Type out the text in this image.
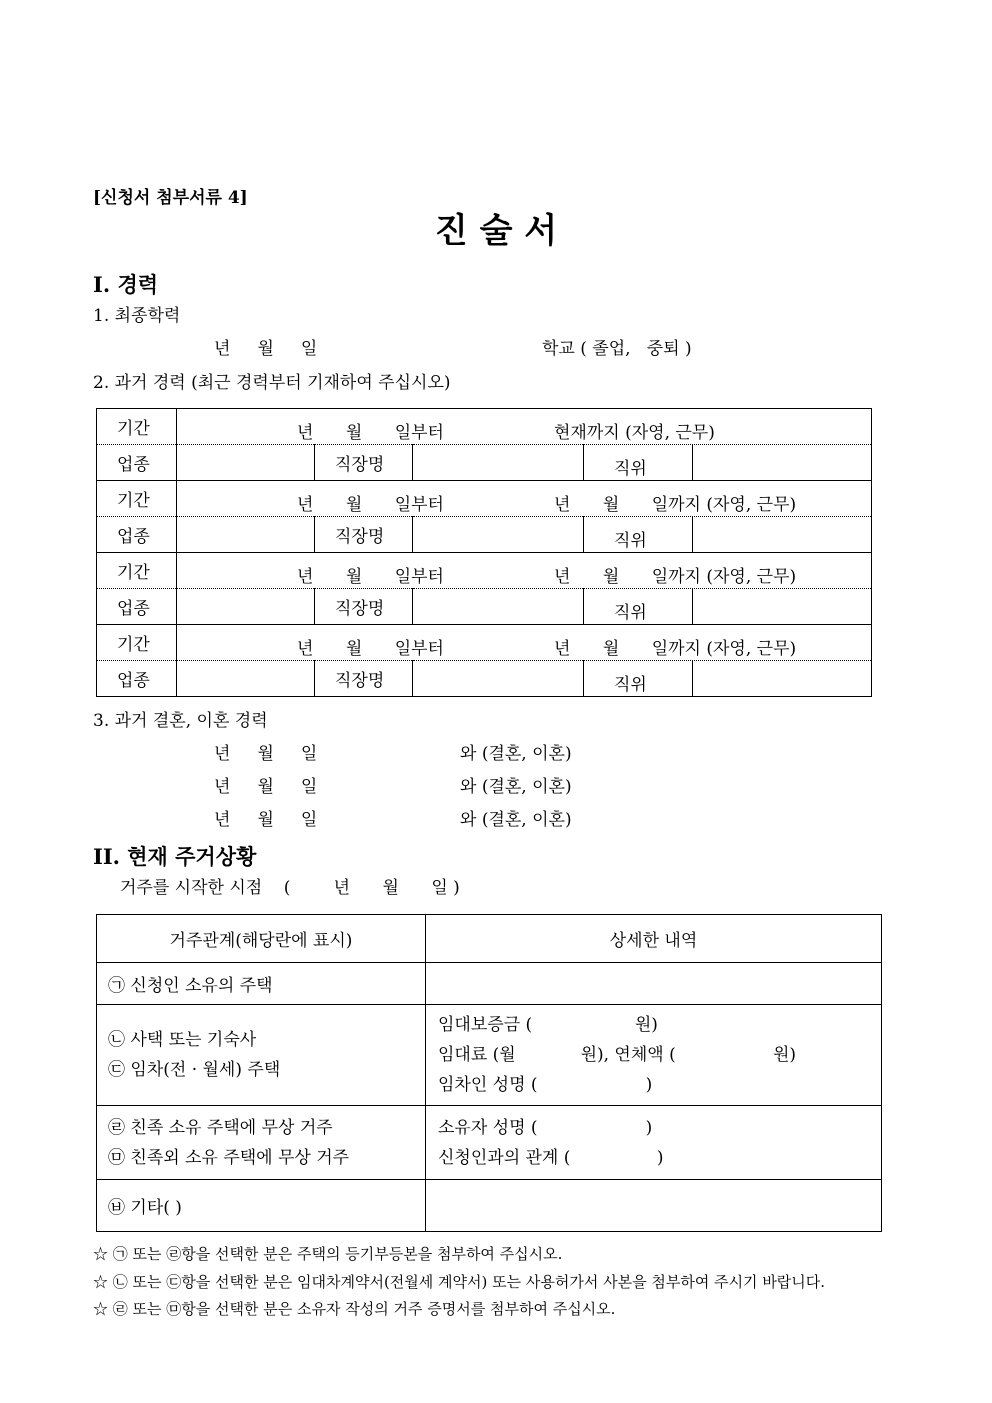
[신청서 첨부서류 4]
진 술 서
I. 경력
1. 최종학력
년     월     일	학교 ( 졸업,   중퇴 )
2. 과거 경력 (최근 경력부터 기재하여 주십시오)
기간	년      월      일부터 현재까지 (자영, 근무)			

업종		직장명		직위

기간	년      월      일부터 년      월      일까지 (자영, 근무)			

업종		직장명		직위

기간	년      월      일부터 년      월      일까지 (자영, 근무)			

업종		직장명		직위

기간	년      월      일부터 년      월      일까지 (자영, 근무)			

업종		직장명		직위
3. 과거 결혼, 이혼 경력
년     월     일	와 (결혼, 이혼)
년     월     일	와 (결혼, 이혼)
년     월     일	와 (결혼, 이혼)
II. 현재 주거상황
거주를 시작한 시점    (        년      월      일 )
거주관계(해당란에 표시)	상세한 내역
㉠ 신청인 소유의 주택	

㉡ 사택 또는 기숙사
㉢ 임차(전 · 월세) 주택	임대보증금 (                   원)
임대료 (월            원), 연체액 (                  원)
임차인 성명 (                    )

㉣ 친족 소유 주택에 무상 거주
㉤ 친족외 소유 주택에 무상 거주	소유자 성명 (                    )
신청인과의 관계 (                )

㉥ 기타( )	
☆ ㉠ 또는 ㉣항을 선택한 분은 주택의 등기부등본을 첨부하여 주십시오.
☆ ㉡ 또는 ㉢항을 선택한 분은 임대차계약서(전월세 계약서) 또는 사용허가서 사본을 첨부하여 주시기 바랍니다.
☆ ㉣ 또는 ㉤항을 선택한 분은 소유자 작성의 거주 증명서를 첨부하여 주십시오.
